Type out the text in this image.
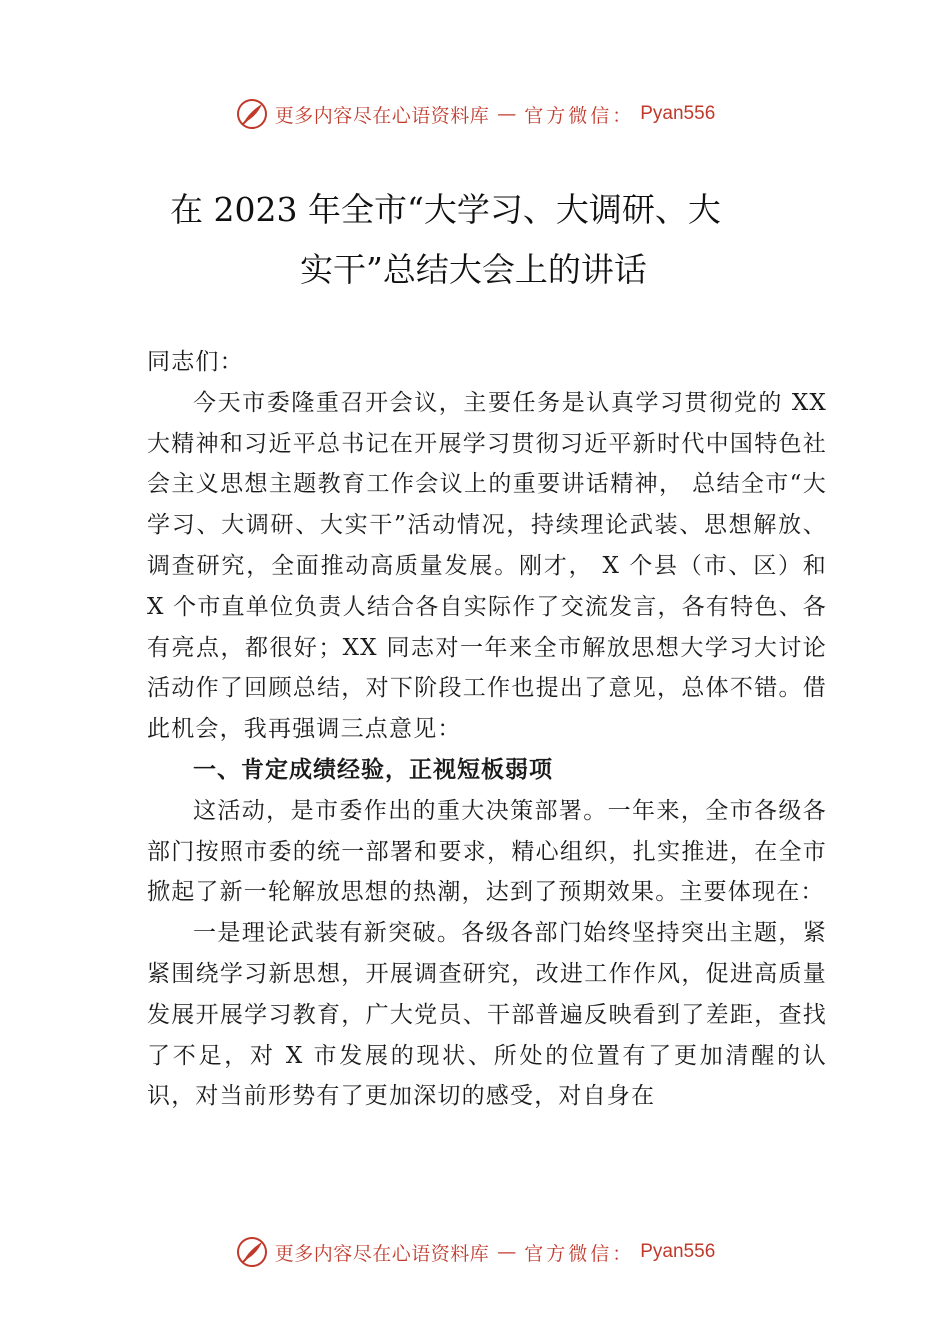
更多内容尽在心语资料库 — 官方微信： Pyan556
在 2023 年全市“大学习、大调研、大
实干”总结大会上的讲话

同志们：

今天市委隆重召开会议，主要任务是认真学习贯彻党的 XX 大精神和习近平总书记在开展学习贯彻习近平新时代中国特色社会主义思想主题教育工作会议上的重要讲话精神， 总结全市“大学习、大调研、大实干”活动情况，持续理论武装、思想解放、调查研究，全面推动高质量发展。刚才， X 个县（市、区）和 X 个市直单位负责人结合各自实际作了交流发言，各有特色、各有亮点，都很好；XX 同志对一年来全市解放思想大学习大讨论活动作了回顾总结，对下阶段工作也提出了意见，总体不错。借此机会，我再强调三点意见：

一、肯定成绩经验，正视短板弱项

这活动，是市委作出的重大决策部署。一年来，全市各级各部门按照市委的统一部署和要求，精心组织，扎实推进，在全市掀起了新一轮解放思想的热潮，达到了预期效果。主要体现在：

一是理论武装有新突破。各级各部门始终坚持突出主题，紧紧围绕学习新思想，开展调查研究，改进工作作风，促进高质量发展开展学习教育，广大党员、干部普遍反映看到了差距，查找了不足，对 X 市发展的现状、所处的位置有了更加清醒的认识，对当前形势有了更加深切的感受，对自身在

更多内容尽在心语资料库 — 官方微信： Pyan556
